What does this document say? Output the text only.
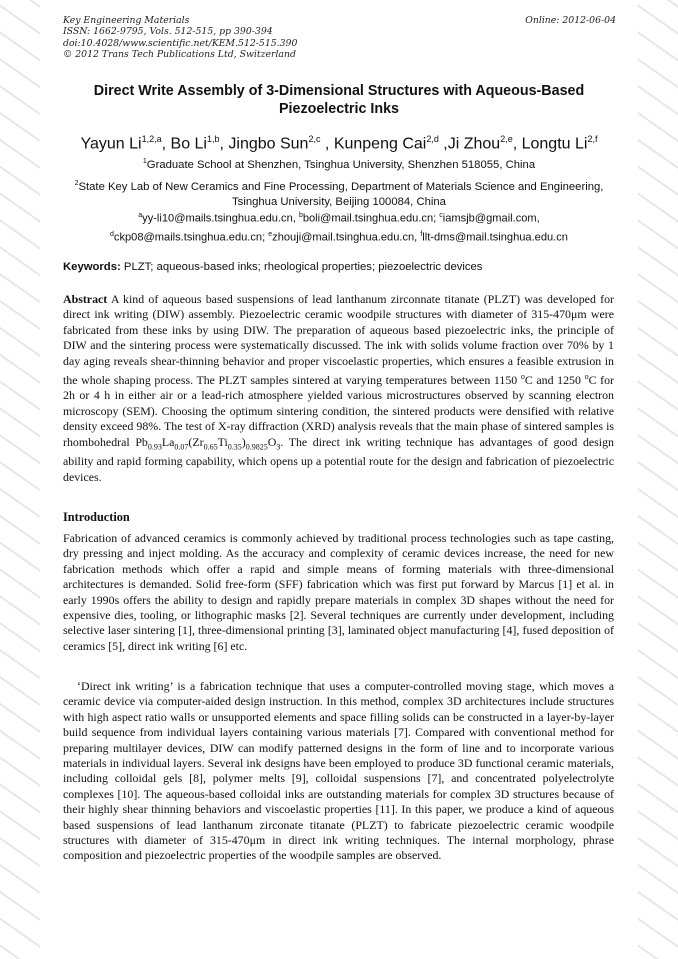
Key Engineering Materials
ISSN: 1662-9795, Vols. 512-515, pp 390-394
doi:10.4028/www.scientific.net/KEM.512-515.390
© 2012 Trans Tech Publications Ltd, Switzerland
Online: 2012-06-04
Direct Write Assembly of 3-Dimensional Structures with Aqueous-Based Piezoelectric Inks
Yayun Li$^{1,2,a}$, Bo Li$^{1,b}$, Jingbo Sun$^{2,c}$ , Kunpeng Cai$^{2,d}$ ,Ji Zhou$^{2,e}$, Longtu Li$^{2,f}$
$^1$Graduate School at Shenzhen, Tsinghua University, Shenzhen 518055, China
$^2$State Key Lab of New Ceramics and Fine Processing, Department of Materials Science and Engineering, Tsinghua University, Beijing 100084, China
$^a$yy-li10@mails.tsinghua.edu.cn, $^b$boli@mail.tsinghua.edu.cn; $^c$iamsjb@gmail.com,
$^d$ckp08@mails.tsinghua.edu.cn; $^e$zhouji@mail.tsinghua.edu.cn, $^f$llt-dms@mail.tsinghua.edu.cn
Keywords: PLZT; aqueous-based inks; rheological properties; piezoelectric devices
Abstract A kind of aqueous based suspensions of lead lanthanum zirconnate titanate (PLZT) was developed for direct ink writing (DIW) assembly. Piezoelectric ceramic woodpile structures with diameter of 315-470μm were fabricated from these inks by using DIW. The preparation of aqueous based piezoelectric inks, the principle of DIW and the sintering process were systematically discussed. The ink with solids volume fraction over 70% by 1 day aging reveals shear-thinning behavior and proper viscoelastic properties, which ensures a feasible extrusion in the whole shaping process. The PLZT samples sintered at varying temperatures between 1150 $^o$C and 1250 $^o$C for 2h or 4 h in either air or a lead-rich atmosphere yielded various microstructures observed by scanning electron microscopy (SEM). Choosing the optimum sintering condition, the sintered products were densified with relative density exceed 98%. The test of X-ray diffraction (XRD) analysis reveals that the main phase of sintered samples is rhombohedral $Pb_{0.93}La_{0.07}(Zr_{0.65}Ti_{0.35})_{0.9825}O_3$. The direct ink writing technique has advantages of good design ability and rapid forming capability, which opens up a potential route for the design and fabrication of piezoelectric devices.
Introduction

Fabrication of advanced ceramics is commonly achieved by traditional process technologies such as tape casting, dry pressing and inject molding. As the accuracy and complexity of ceramic devices increase, the need for new fabrication methods which offer a rapid and simple means of forming materials with three-dimensional architectures is demanded. Solid free-form (SFF) fabrication which was first put forward by Marcus [1] et al. in early 1990s offers the ability to design and rapidly prepare materials in complex 3D shapes without the need for expensive dies, tooling, or lithographic masks [2]. Several techniques are currently under development, including selective laser sintering [1], three-dimensional printing [3], laminated object manufacturing [4], fused deposition of ceramics [5], direct ink writing [6] etc.

‘Direct ink writing’ is a fabrication technique that uses a computer-controlled moving stage, which moves a ceramic device via computer-aided design instruction. In this method, complex 3D architectures include structures with high aspect ratio walls or unsupported elements and space filling solids can be constructed in a layer-by-layer build sequence from individual layers containing various materials [7]. Compared with conventional method for preparing multilayer devices, DIW can modify patterned designs in the form of line and to incorporate various materials in individual layers. Several ink designs have been employed to produce 3D functional ceramic materials, including colloidal gels [8], polymer melts [9], colloidal suspensions [7], and concentrated polyelectrolyte complexes [10]. The aqueous-based colloidal inks are outstanding materials for complex 3D structures because of their highly shear thinning behaviors and viscoelastic properties [11]. In this paper, we produce a kind of aqueous based suspensions of lead lanthanum zirconate titanate (PLZT) to fabricate piezoelectric ceramic woodpile structures with diameter of 315-470μm in direct ink writing techniques. The internal morphology, phrase composition and piezoelectric properties of the woodpile samples are observed.
